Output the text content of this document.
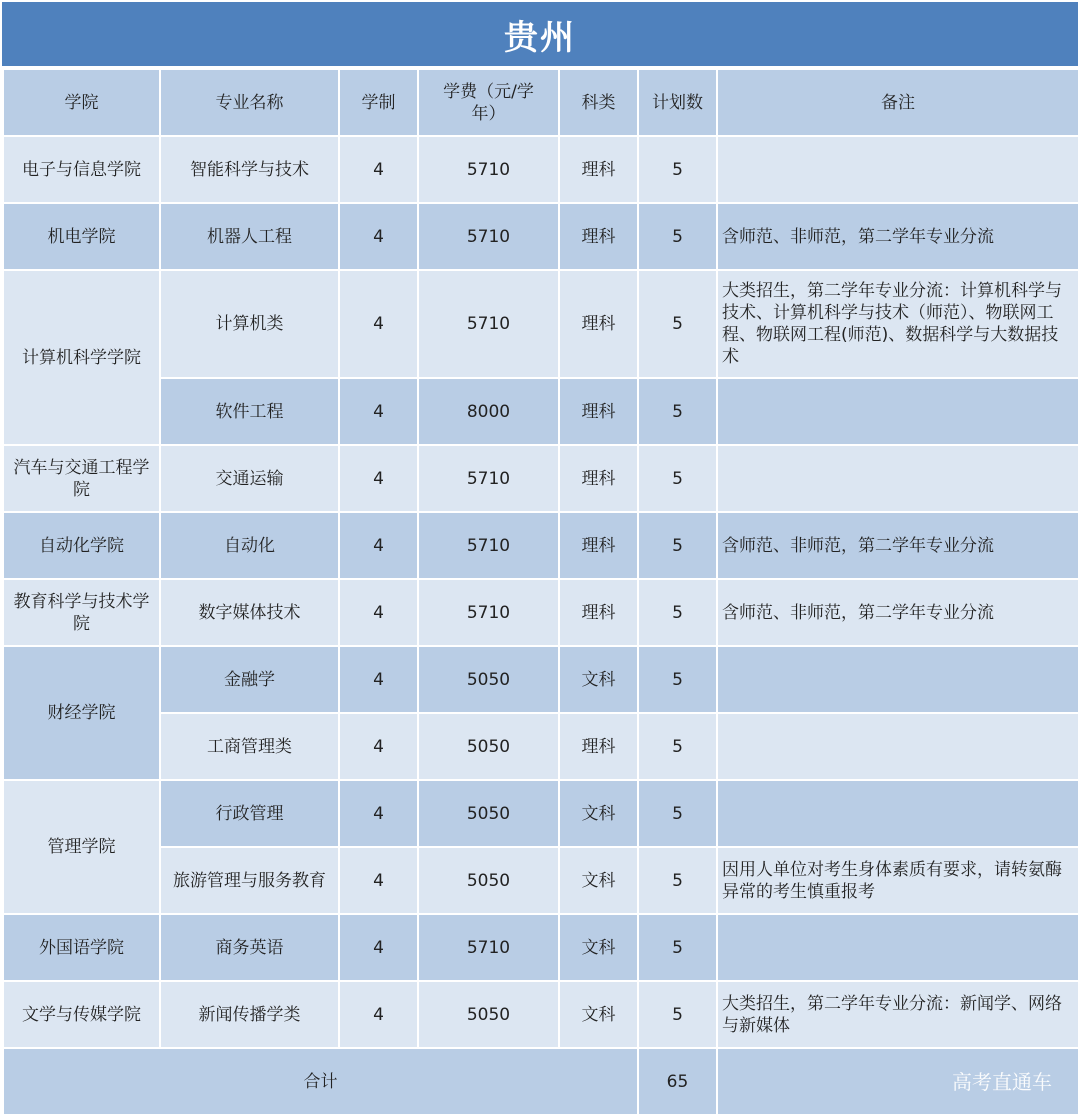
贵州
学院	专业名称	学制	学费（元/学年）	科类	计划数	备注
电子与信息学院	智能科学与技术	4	5710	理科	5	
机电学院	机器人工程	4	5710	理科	5	含师范、非师范，第二学年专业分流
计算机科学学院	计算机类	4	5710	理科	5	大类招生，第二学年专业分流：计算机科学与技术、计算机科学与技术（师范）、物联网工程、物联网工程(师范)、数据科学与大数据技术
	软件工程	4	8000	理科	5	
汽车与交通工程学院	交通运输	4	5710	理科	5	
自动化学院	自动化	4	5710	理科	5	含师范、非师范，第二学年专业分流
教育科学与技术学院	数字媒体技术	4	5710	理科	5	含师范、非师范，第二学年专业分流
财经学院	金融学	4	5050	文科	5	
	工商管理类	4	5050	理科	5	
管理学院	行政管理	4	5050	文科	5	
	旅游管理与服务教育	4	5050	文科	5	因用人单位对考生身体素质有要求，请转氨酶异常的考生慎重报考
外国语学院	商务英语	4	5710	文科	5	
文学与传媒学院	新闻传播学类	4	5050	文科	5	大类招生，第二学年专业分流：新闻学、网络与新媒体
合计					65	高考直通车
